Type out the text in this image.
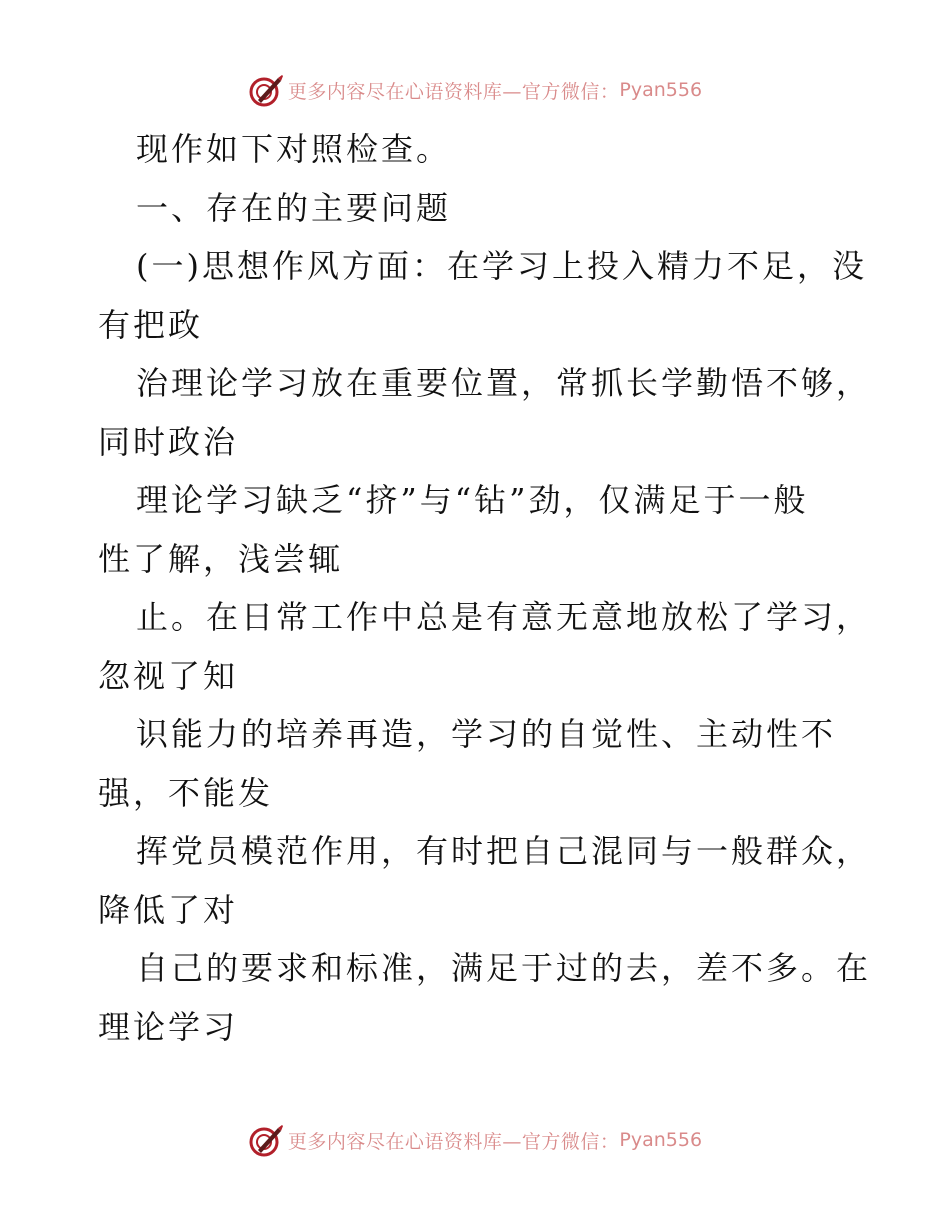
更多内容尽在心语资料库—官方微信： Pyan556
现作如下对照检查。
一、存在的主要问题
(一)思想作风方面：在学习上投入精力不足，没
有把政
治理论学习放在重要位置，常抓长学勤悟不够，
同时政治
理论学习缺乏“挤”与“钻”劲，仅满足于一般
性了解，浅尝辄
止。在日常工作中总是有意无意地放松了学习，
忽视了知
识能力的培养再造，学习的自觉性、主动性不
强，不能发
挥党员模范作用，有时把自己混同与一般群众，
降低了对
自己的要求和标准，满足于过的去，差不多。在
理论学习
更多内容尽在心语资料库—官方微信： Pyan556
